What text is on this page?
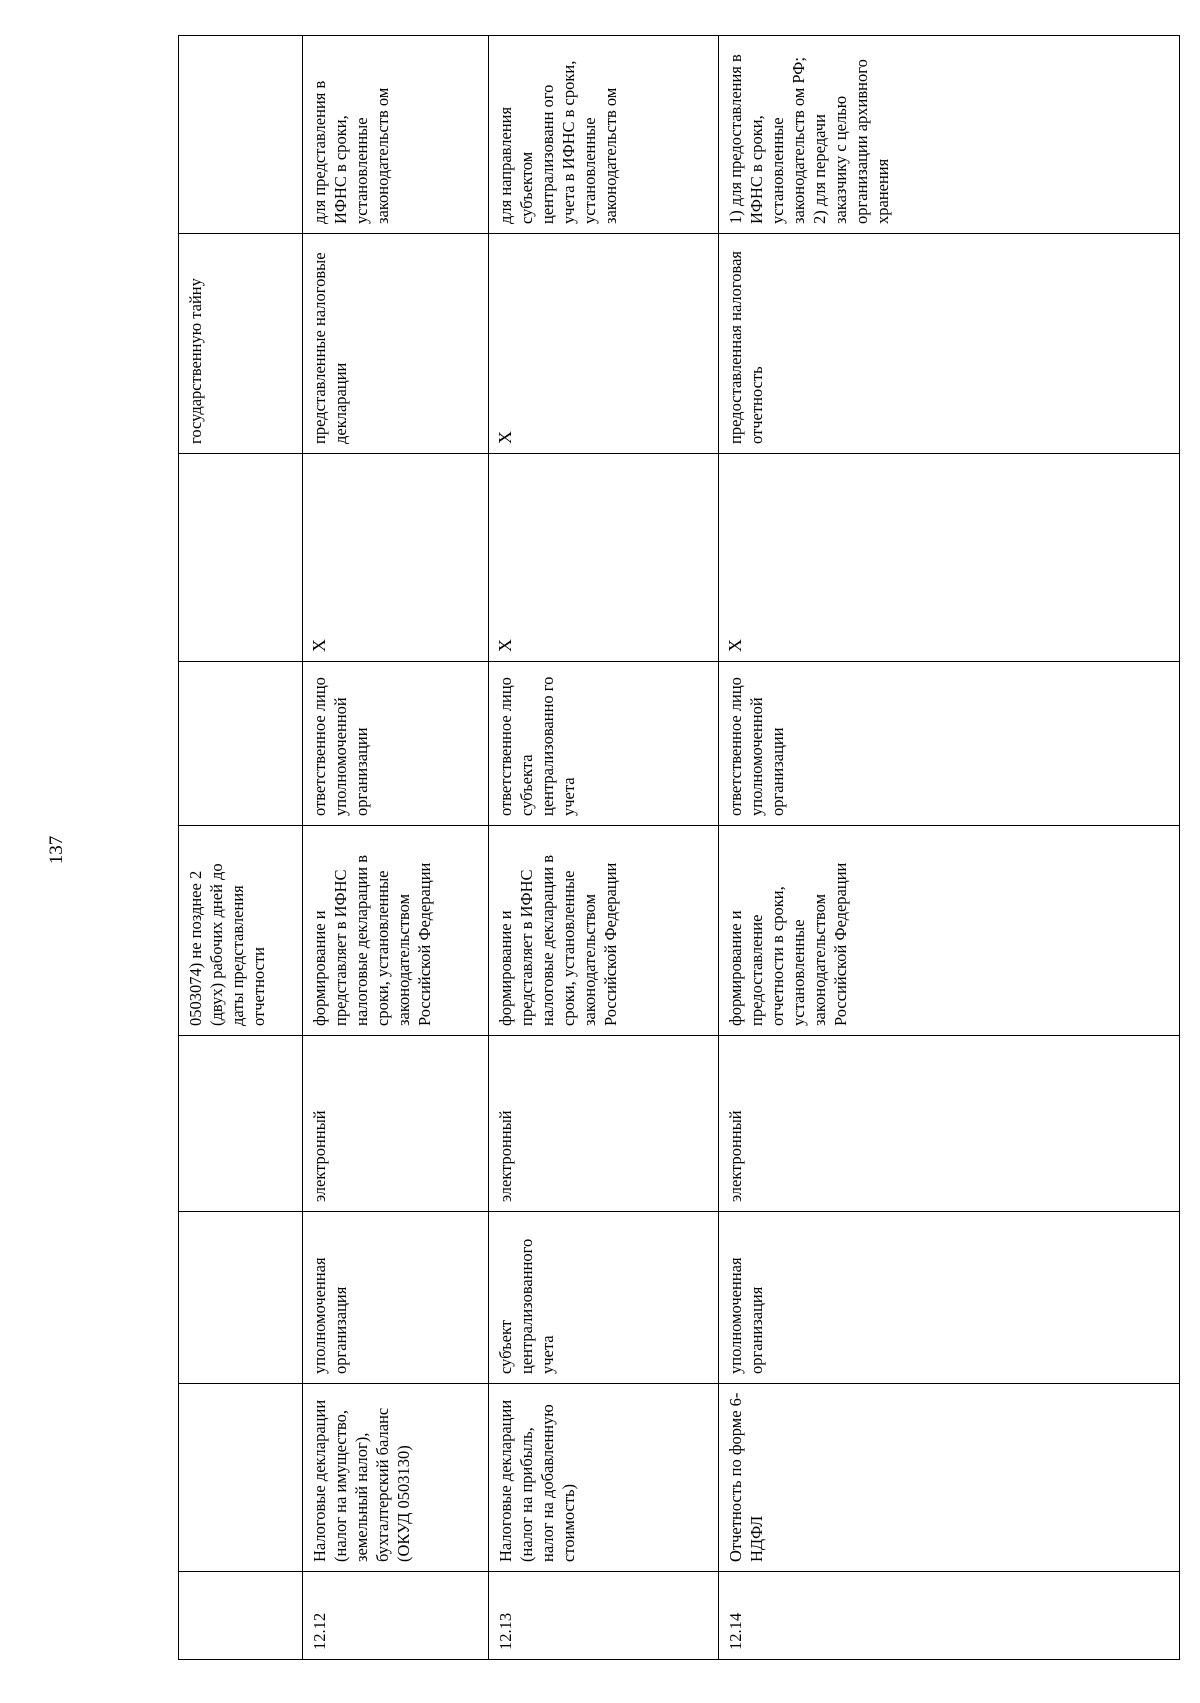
137
				0503074) не позднее 2 (двух) рабочих дней до даты представления отчетности			государственную тайну	
12.12	Налоговые декларации (налог на имущество, земельный налог), бухгалтерский баланс (ОКУД 0503130)	уполномоченная организация	электронный	формирование и представляет в ИФНС налоговые декларации в сроки, установленные законодательством Российской Федерации	ответственное лицо уполномоченной организации	Х	представленные налоговые декларации	для представления в ИФНС в сроки, установленные законодательств ом
12.13	Налоговые декларации (налог на прибыль, налог на добавленную стоимость)	субъект централизованного учета	электронный	формирование и представляет в ИФНС налоговые декларации в сроки, установленные законодательством Российской Федерации	ответственное лицо субъекта централизованно го учета	Х	Х	для направления субъектом централизованн ого учета в ИФНС в сроки, установленные законодательств ом
12.14	Отчетность по форме 6-НДФЛ	уполномоченная организация	электронный	формирование и предоставление отчетности в сроки, установленные законодательством Российской Федерации	ответственное лицо уполномоченной организации	Х	предоставленная налоговая отчетность	1) для предоставления в ИФНС в сроки, установленные законодательств ом РФ; 2) для передачи заказчику с целью организации архивного хранения
